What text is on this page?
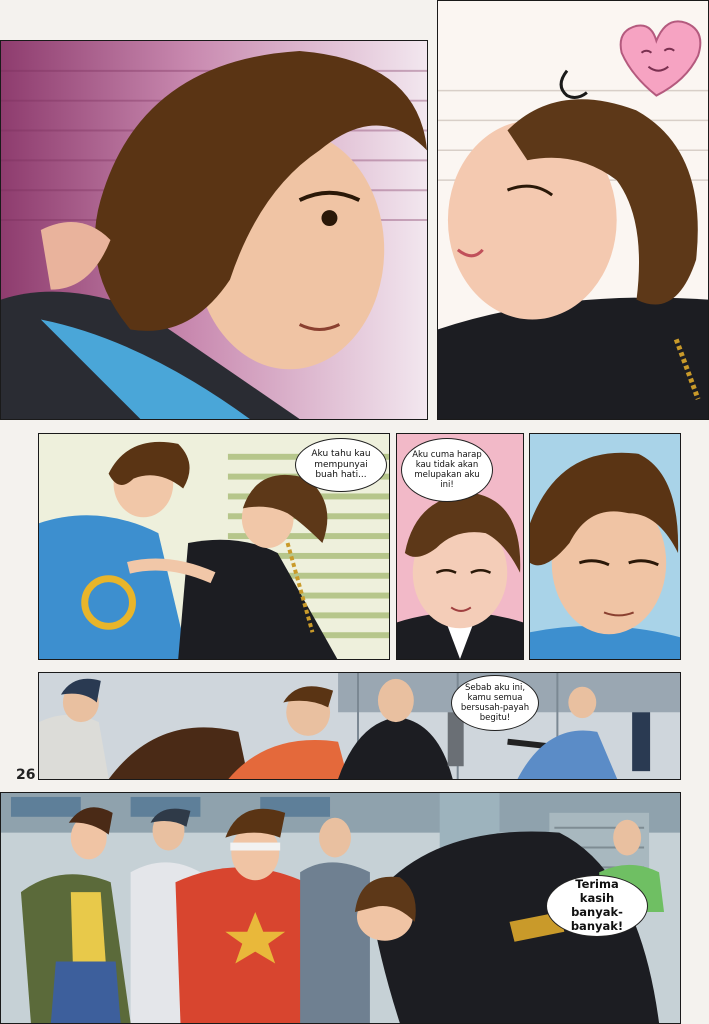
Aku tahu kau mempunyai buah hati...
Aku cuma harap kau tidak akan melupakan aku ini!
Sebab aku ini, kamu semua bersusah-payah begitu!
26
Terima kasih banyak-banyak!
